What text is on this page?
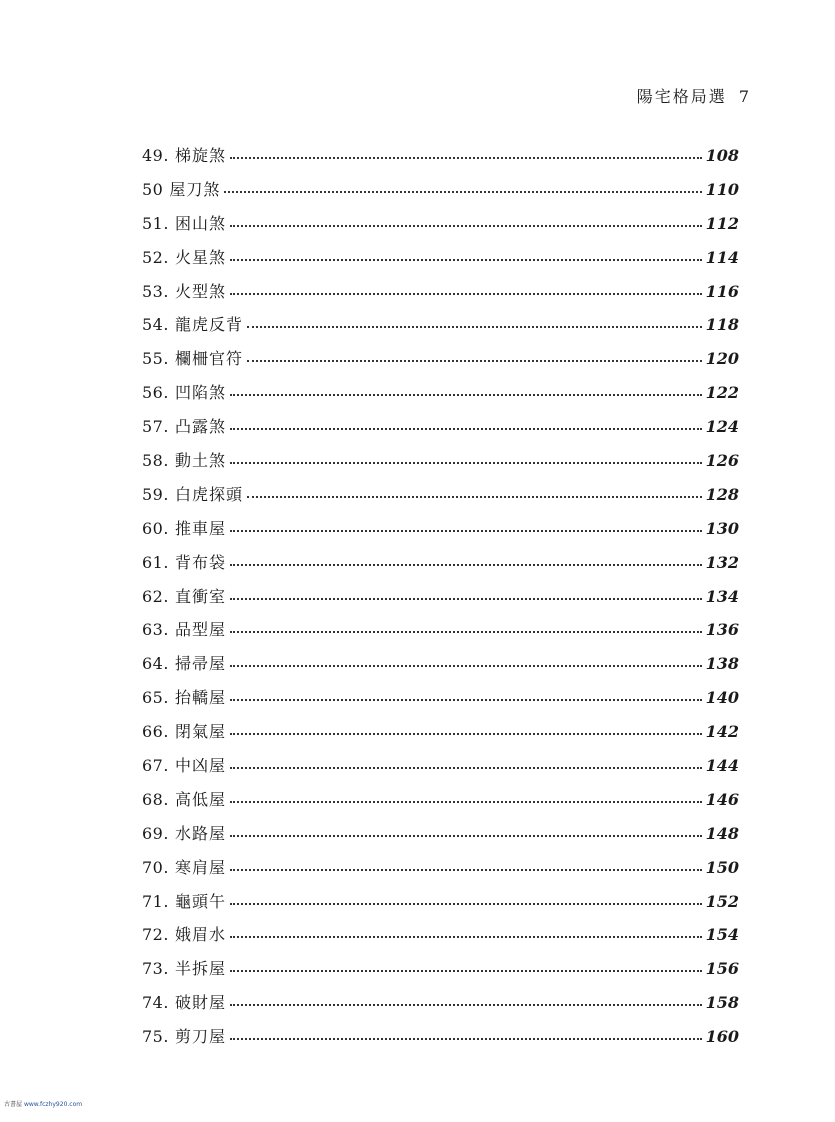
陽宅格局選 7
49. 梯旋煞	108
50 屋刀煞	110
51. 困山煞	112
52. 火星煞	114
53. 火型煞	116
54. 龍虎反背	118
55. 欄柵官符	120
56. 凹陷煞	122
57. 凸露煞	124
58. 動土煞	126
59. 白虎探頭	128
60. 推車屋	130
61. 背布袋	132
62. 直衝室	134
63. 品型屋	136
64. 掃帚屋	138
65. 抬轎屋	140
66. 閉氣屋	142
67. 中凶屋	144
68. 高低屋	146
69. 水路屋	148
70. 寒肩屋	150
71. 龜頭午	152
72. 娥眉水	154
73. 半拆屋	156
74. 破財屋	158
75. 剪刀屋	160
古書屋 www.fczhy920.com
